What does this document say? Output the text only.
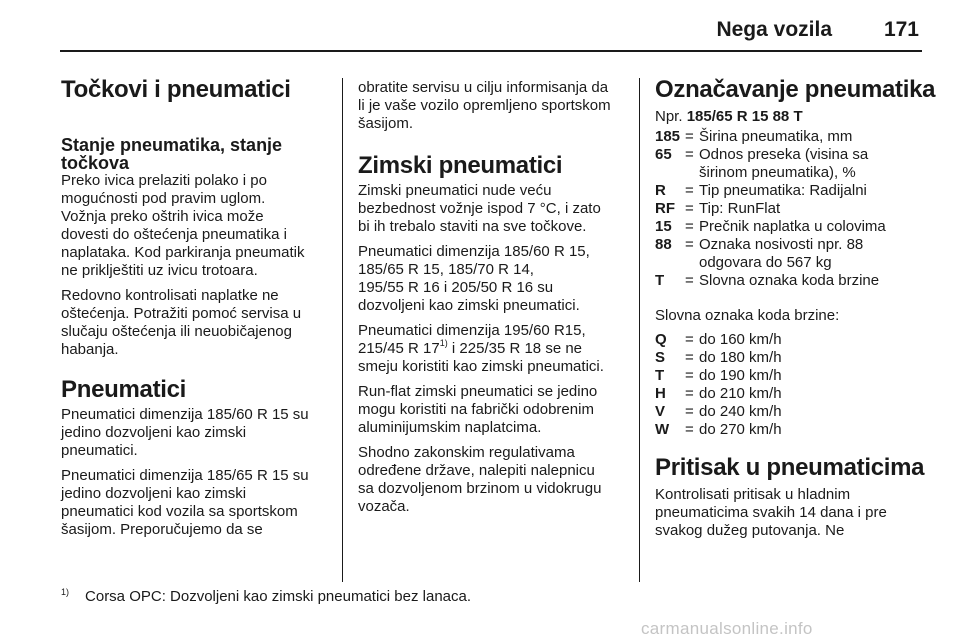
Nega vozila 171
Točkovi i pneumatici
Stanje pneumatika, stanje
točkova

Preko ivica prelaziti polako i po
mogućnosti pod pravim uglom.
Vožnja preko oštrih ivica može
dovesti do oštećenja pneumatika i
naplataka. Kod parkiranja pneumatik
ne priklještiti uz ivicu trotoara.

Redovno kontrolisati naplatke ne
oštećenja. Potražiti pomoć servisa u
slučaju oštećenja ili neuobičajenog
habanja.

Pneumatici

Pneumatici dimenzija 185/60 R 15 su
jedino dozvoljeni kao zimski
pneumatici.

Pneumatici dimenzija 185/65 R 15 su
jedino dozvoljeni kao zimski
pneumatici kod vozila sa sportskom
šasijom. Preporučujemo da se

obratite servisu u cilju informisanja da
li je vaše vozilo opremljeno sportskom
šasijom.

Zimski pneumatici

Zimski pneumatici nude veću
bezbednost vožnje ispod 7 °C, i zato
bi ih trebalo staviti na sve točkove.

Pneumatici dimenzija 185/60 R 15,
185/65 R 15, 185/70 R 14,
195/55 R 16 i 205/50 R 16 su
dozvoljeni kao zimski pneumatici.

Pneumatici dimenzija 195/60 R15,
215/45 R 17$^{1)}$ i 225/35 R 18 se ne
smeju koristiti kao zimski pneumatici.

Run-flat zimski pneumatici se jedino
mogu koristiti na fabrički odobrenim
aluminijumskim naplatcima.

Shodno zakonskim regulativama
određene države, nalepiti nalepnicu
sa dozvoljenom brzinom u vidokrugu
vozača.

Označavanje pneumatika

Npr. 185/65 R 15 88 T

185 = Širina pneumatika, mm
65 = Odnos preseka (visina sa
širinom pneumatika), %
R	= Tip pneumatika: Radijalni
RF = Tip: RunFlat
15 = Prečnik naplatka u colovima
88 = Oznaka nosivosti npr. 88
odgovara do 567 kg
T	= Slovna oznaka koda brzine

Slovna oznaka koda brzine:

Q	= do 160 km/h
S	= do 180 km/h
T	= do 190 km/h
H	= do 210 km/h
V	= do 240 km/h
W	= do 270 km/h
Pritisak u pneumaticima

Kontrolisati pritisak u hladnim
pneumaticima svakih 14 dana i pre
svakog dužeg putovanja. Ne

$^{1)}$ Corsa OPC: Dozvoljeni kao zimski pneumatici bez lanaca.
carmanualsonline.info
